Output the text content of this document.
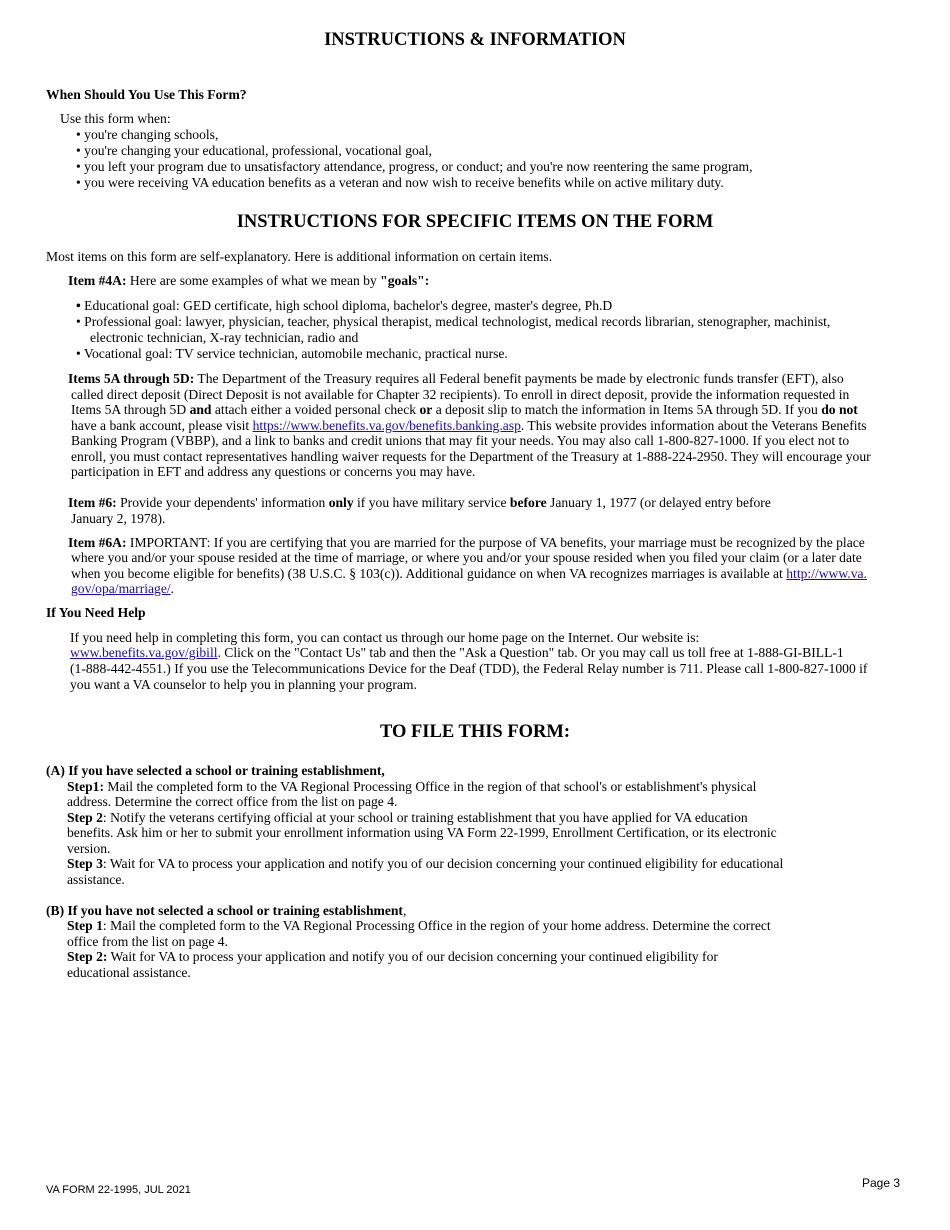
INSTRUCTIONS & INFORMATION
When Should You Use This Form?
Use this form when:
• you're changing schools,
• you're changing your educational, professional, vocational goal,
• you left your program due to unsatisfactory attendance, progress, or conduct; and you're now reentering the same program,
• you were receiving VA education benefits as a veteran and now wish to receive benefits while on active military duty.
INSTRUCTIONS FOR SPECIFIC ITEMS ON THE FORM
Most items on this form are self-explanatory. Here is additional information on certain items.
Item #4A: Here are some examples of what we mean by "goals":
• Educational goal: GED certificate, high school diploma, bachelor's degree, master's degree, Ph.D
• Professional goal: lawyer, physician, teacher, physical therapist, medical technologist, medical records librarian, stenographer, machinist,
electronic technician, X-ray technician, radio and
• Vocational goal: TV service technician, automobile mechanic, practical nurse.
Items 5A through 5D: The Department of the Treasury requires all Federal benefit payments be made by electronic funds transfer (EFT), also
called direct deposit (Direct Deposit is not available for Chapter 32 recipients). To enroll in direct deposit, provide the information requested in
Items 5A through 5D and attach either a voided personal check or a deposit slip to match the information in Items 5A through 5D. If you do not
have a bank account, please visit https://www.benefits.va.gov/benefits.banking.asp. This website provides information about the Veterans Benefits
Banking Program (VBBP), and a link to banks and credit unions that may fit your needs. You may also call 1-800-827-1000. If you elect not to
enroll, you must contact representatives handling waiver requests for the Department of the Treasury at 1-888-224-2950. They will encourage your
participation in EFT and address any questions or concerns you may have.
Item #6: Provide your dependents' information only if you have military service before January 1, 1977 (or delayed entry before
January 2, 1978).
Item #6A: IMPORTANT: If you are certifying that you are married for the purpose of VA benefits, your marriage must be recognized by the place
where you and/or your spouse resided at the time of marriage, or where you and/or your spouse resided when you filed your claim (or a later date
when you become eligible for benefits) (38 U.S.C. § 103(c)). Additional guidance on when VA recognizes marriages is available at http://www.va.
gov/opa/marriage/.
If You Need Help
If you need help in completing this form, you can contact us through our home page on the Internet. Our website is:
www.benefits.va.gov/gibill. Click on the "Contact Us" tab and then the "Ask a Question" tab. Or you may call us toll free at 1-888-GI-BILL-1
(1-888-442-4551.) If you use the Telecommunications Device for the Deaf (TDD), the Federal Relay number is 711. Please call 1-800-827-1000 if
you want a VA counselor to help you in planning your program.
TO FILE THIS FORM:
(A) If you have selected a school or training establishment,
Step1: Mail the completed form to the VA Regional Processing Office in the region of that school's or establishment's physical
address. Determine the correct office from the list on page 4.
Step 2: Notify the veterans certifying official at your school or training establishment that you have applied for VA education
benefits. Ask him or her to submit your enrollment information using VA Form 22-1999, Enrollment Certification, or its electronic
version.
Step 3: Wait for VA to process your application and notify you of our decision concerning your continued eligibility for educational
assistance.
(B) If you have not selected a school or training establishment,
Step 1: Mail the completed form to the VA Regional Processing Office in the region of your home address. Determine the correct
office from the list on page 4.
Step 2: Wait for VA to process your application and notify you of our decision concerning your continued eligibility for
educational assistance.
VA FORM 22-1995, JUL 2021	Page 3
